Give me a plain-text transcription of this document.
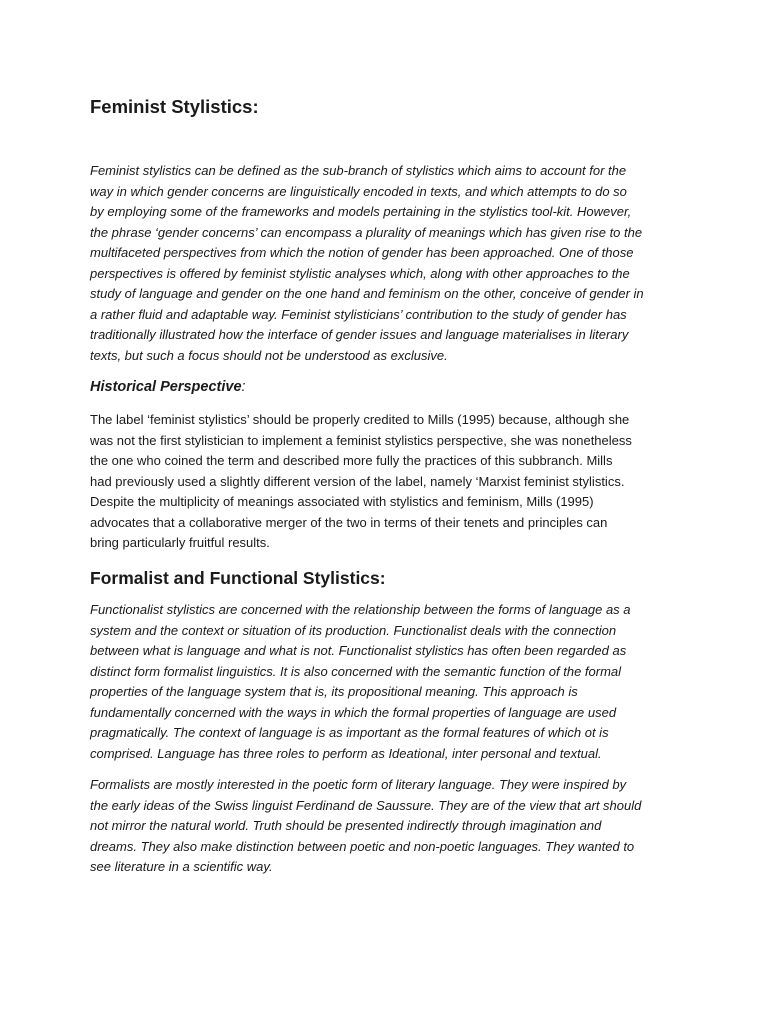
Feminist Stylistics:

Feminist stylistics can be defined as the sub-branch of stylistics which aims to account for the
way in which gender concerns are linguistically encoded in texts, and which attempts to do so
by employing some of the frameworks and models pertaining in the stylistics tool-kit. However,
the phrase ‘gender concerns’ can encompass a plurality of meanings which has given rise to the
multifaceted perspectives from which the notion of gender has been approached. One of those
perspectives is offered by feminist stylistic analyses which, along with other approaches to the
study of language and gender on the one hand and feminism on the other, conceive of gender in
a rather fluid and adaptable way. Feminist stylisticians’ contribution to the study of gender has
traditionally illustrated how the interface of gender issues and language materialises in literary
texts, but such a focus should not be understood as exclusive.

Historical Perspective:

The label ‘feminist stylistics’ should be properly credited to Mills (1995) because, although she
was not the first stylistician to implement a feminist stylistics perspective, she was nonetheless
the one who coined the term and described more fully the practices of this subbranch. Mills
had previously used a slightly different version of the label, namely ‘Marxist feminist stylistics.
Despite the multiplicity of meanings associated with stylistics and feminism, Mills (1995)
advocates that a collaborative merger of the two in terms of their tenets and principles can
bring particularly fruitful results.

Formalist and Functional Stylistics:

Functionalist stylistics are concerned with the relationship between the forms of language as a
system and the context or situation of its production. Functionalist deals with the connection
between what is language and what is not. Functionalist stylistics has often been regarded as
distinct form formalist linguistics. It is also concerned with the semantic function of the formal
properties of the language system that is, its propositional meaning. This approach is
fundamentally concerned with the ways in which the formal properties of language are used
pragmatically. The context of language is as important as the formal features of which ot is
comprised. Language has three roles to perform as Ideational, inter personal and textual.

Formalists are mostly interested in the poetic form of literary language. They were inspired by
the early ideas of the Swiss linguist Ferdinand de Saussure. They are of the view that art should
not mirror the natural world. Truth should be presented indirectly through imagination and
dreams. They also make distinction between poetic and non-poetic languages. They wanted to
see literature in a scientific way.
